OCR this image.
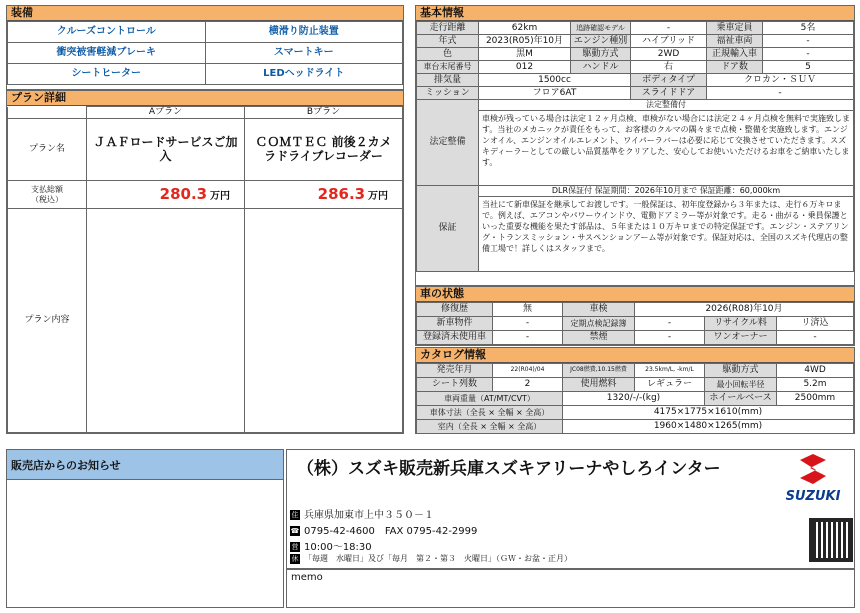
装備
クルーズコントロール	横滑り防止装置
衝突被害軽減ブレーキ	スマートキー
シートヒーター	LEDヘッドライト
プラン詳細
	Aプラン	Bプラン
プラン名	ＪＡＦロードサービスご加入	ＣＯＭＴＥＣ 前後２カメラドライブレコーダー

支払総額
（税込）	280.3 万円	286.3 万円
プラン内容		
基本情報
走行距離	62km	追跡確認モデル	-	乗車定員	5名
年式	2023(R05)年10月	エンジン種別	ハイブリッド	福祉車両	-
色	黒M	駆動方式	2WD	正規輸入車	-
車台末尾番号	012	ハンドル	右	ドア数	5
排気量	1500cc		ボディタイプ	クロカン・ＳＵＶ	
ミッション	フロア6AT		スライドドア	-	
法定整備	法定整備付
車検が残っている場合は法定１２ヶ月点検、車検がない場合には法定２４ヶ月点検を無料で実施致します。当社のメカニックが責任をもって、お客様のクルマの隅々まで点検・整備を実施致します。エンジンオイル、エンジンオイルエレメント、ワイパーラバーは必要に応じて交換させていただきます。スズキディーラーとしての厳しい品質基準をクリアした、安心してお使いいただけるお車をご納車いたします。				

保証	DLR保証付 保証期間：2026年10月まで 保証距離：60,000km
当社にて新車保証を継承してお渡しです。一般保証は、初年度登録から３年または、走行６万キロまで。例えば、エアコンやパワーウインドウ、電動ドアミラー等が対象です。走る・曲がる・乗員保護といった重要な機能を果たす部品は、５年または１０万キロまでの特定保証です。エンジン・ステアリング・トランスミッション・サスペンションアーム等が対象です。保証対応は、全国のスズキ代理店の整備工場で！詳しくはスタッフまで。				
車の状態
修復歴	無	車検	2026(R08)年10月		
新車物件	-	定期点検記録簿	-	リサイクル料	リ済込
登録済未使用車	-	禁煙	-	ワンオーナー	-
カタログ情報
発売年月	22(R04)/04	JC08燃費,10.15燃費	23.5km/L, -km/L	駆動方式	4WD
シート列数	2	使用燃料	レギュラー	最小回転半径	5.2m
車両重量（AT/MT/CVT）		1320/-/-(kg)		ホイールベース	2500mm
車体寸法（全長 × 全幅 × 全高）		4175×1775×1610(mm)			
室内（全長 × 全幅 × 全高）		1960×1480×1265(mm)			
販売店からのお知らせ	（株）スズキ販売新兵庫スズキアリーナやしろインター
SUZUKI
住 兵庫県加東市上中３５０－１
☎ 0795-42-4600　FAX 0795-42-2999
営 10:00〜18:30
休 「毎週　水曜日」及び「毎月　第２・第３　火曜日」（ＧＷ・お盆・正月）
memo
